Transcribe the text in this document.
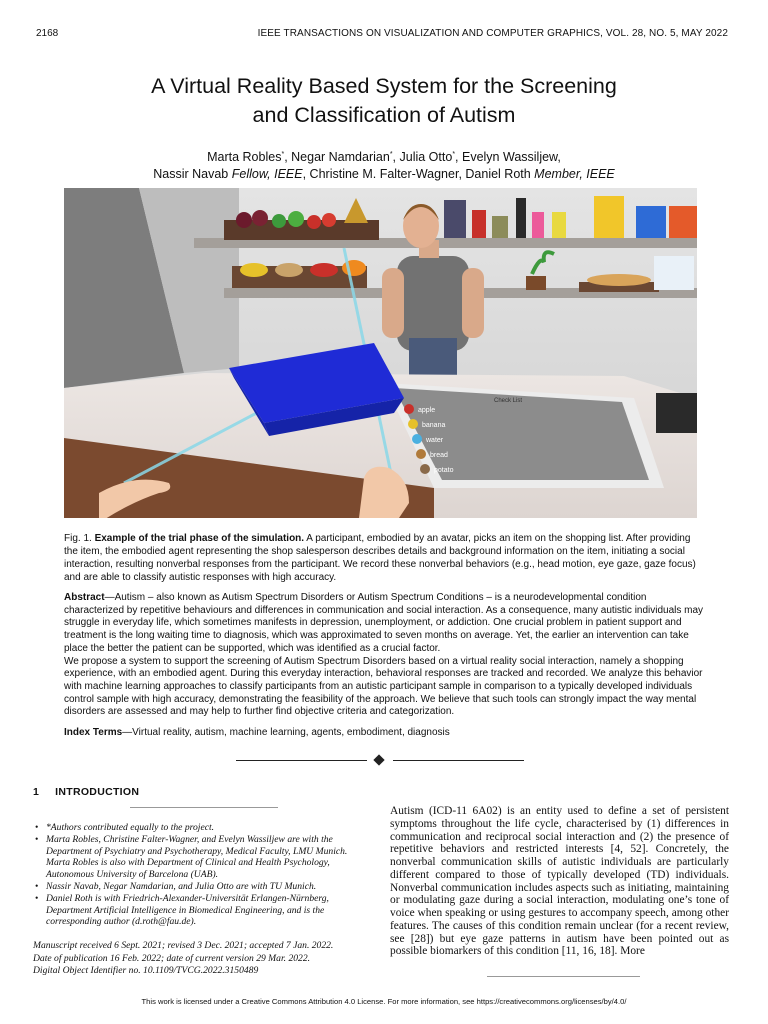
2168	IEEE TRANSACTIONS ON VISUALIZATION AND COMPUTER GRAPHICS, VOL. 28, NO. 5, MAY 2022
A Virtual Reality Based System for the Screening
and Classification of Autism
Marta Robles*, Negar Namdarian*, Julia Otto*, Evelyn Wassiljew,
Nassir Navab Fellow, IEEE, Christine M. Falter-Wagner, Daniel Roth Member, IEEE
Check List
apple
banana
water
bread
potato
Fig. 1. Example of the trial phase of the simulation. A participant, embodied by an avatar, picks an item on the shopping list. After providing the item, the embodied agent representing the shop salesperson describes details and background information on the item, initiating a social interaction, resulting nonverbal responses from the participant. We record these nonverbal behaviors (e.g., head motion, eye gaze, gaze focus) and are able to classify autistic responses with high accuracy.

Abstract—Autism – also known as Autism Spectrum Disorders or Autism Spectrum Conditions – is a neurodevelopmental condition characterized by repetitive behaviours and differences in communication and social interaction. As a consequence, many autistic individuals may struggle in everyday life, which sometimes manifests in depression, unemployment, or addiction. One crucial problem in patient support and treatment is the long waiting time to diagnosis, which was approximated to seven months on average. Yet, the earlier an intervention can take place the better the patient can be supported, which was identified as a crucial factor.

We propose a system to support the screening of Autism Spectrum Disorders based on a virtual reality social interaction, namely a shopping experience, with an embodied agent. During this everyday interaction, behavioral responses are tracked and recorded. We analyze this behavior with machine learning approaches to classify participants from an autistic participant sample in comparison to a typically developed individuals control sample with high accuracy, demonstrating the feasibility of the approach. We believe that such tools can strongly impact the way mental disorders are assessed and may help to further find objective criteria and categorization.

Index Terms—Virtual reality, autism, machine learning, agents, embodiment, diagnosis
1 INTRODUCTION
• *Authors contributed equally to the project.
• Marta Robles, Christine Falter-Wagner, and Evelyn Wassiljew are with the Department of Psychiatry and Psychotherapy, Medical Faculty, LMU Munich. Marta Robles is also with Department of Clinical and Health Psychology, Autonomous University of Barcelona (UAB).
• Nassir Navab, Negar Namdarian, and Julia Otto are with TU Munich.
• Daniel Roth is with Friedrich-Alexander-Universität Erlangen-Nürnberg, Department Artificial Intelligence in Biomedical Engineering, and is the corresponding author (d.roth@fau.de).
Manuscript received 6 Sept. 2021; revised 3 Dec. 2021; accepted 7 Jan. 2022.
Date of publication 16 Feb. 2022; date of current version 29 Mar. 2022.
Digital Object Identifier no. 10.1109/TVCG.2022.3150489
Autism (ICD-11 6A02) is an entity used to define a set of persistent symptoms throughout the life cycle, characterised by (1) differences in communication and reciprocal social interaction and (2) the presence of repetitive behaviors and restricted interests [4, 52]. Concretely, the nonverbal communication skills of autistic individuals are particularly different compared to those of typically developed (TD) individuals. Nonverbal communication includes aspects such as initiating, maintaining or modulating gaze during a social interaction, modulating one’s tone of voice when speaking or using gestures to accompany speech, among other features. The causes of this condition remain unclear (for a recent review, see [28]) but eye gaze patterns in autism have been pointed out as possible biomarkers of this condition [11, 16, 18]. More
This work is licensed under a Creative Commons Attribution 4.0 License. For more information, see https://creativecommons.org/licenses/by/4.0/
